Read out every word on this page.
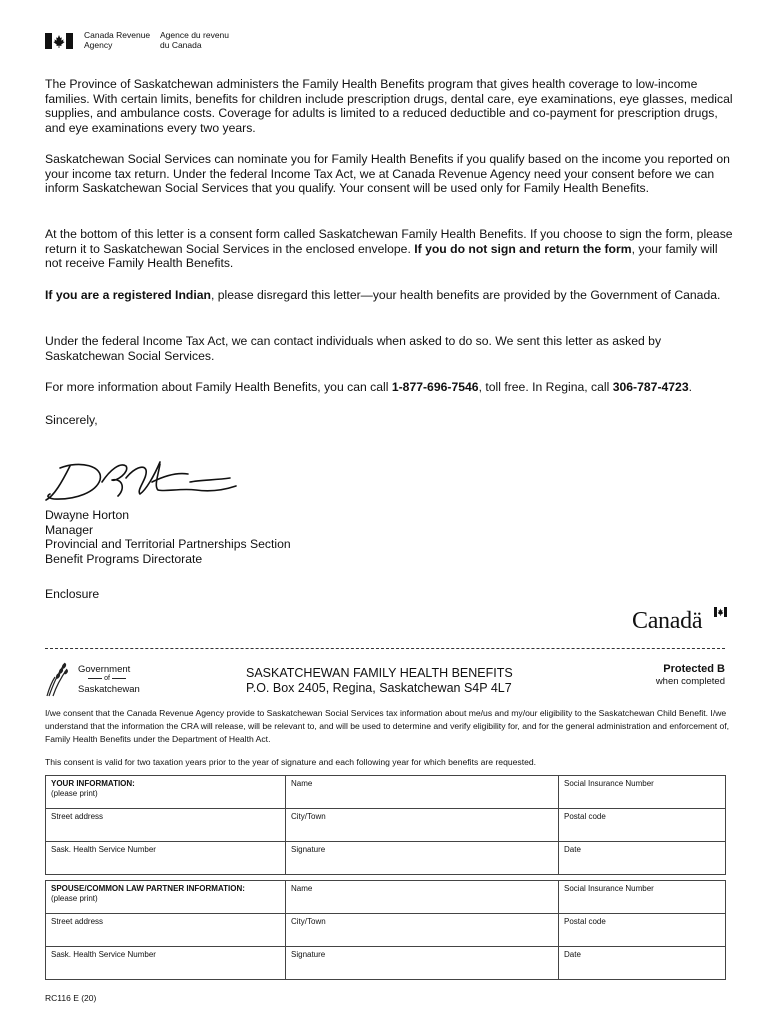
Canada Revenue
Agency
Agence du revenu
du Canada

The Province of Saskatchewan administers the Family Health Benefits program that gives health coverage to low-income families. With certain limits, benefits for children include prescription drugs, dental care, eye examinations, eye glasses, medical supplies, and ambulance costs. Coverage for adults is limited to a reduced deductible and co-payment for prescription drugs, and eye examinations every two years.

Saskatchewan Social Services can nominate you for Family Health Benefits if you qualify based on the income you reported on your income tax return. Under the federal Income Tax Act, we at Canada Revenue Agency need your consent before we can inform Saskatchewan Social Services that you qualify. Your consent will be used only for Family Health Benefits.

At the bottom of this letter is a consent form called Saskatchewan Family Health Benefits. If you choose to sign the form, please return it to Saskatchewan Social Services in the enclosed envelope. If you do not sign and return the form, your family will not receive Family Health Benefits.

If you are a registered Indian, please disregard this letter—your health benefits are provided by the Government of Canada.

Under the federal Income Tax Act, we can contact individuals when asked to do so. We sent this letter as asked by Saskatchewan Social Services.

For more information about Family Health Benefits, you can call 1-877-696-7546, toll free. In Regina, call 306-787-4723.

Sincerely,

Dwayne Horton
Manager
Provincial and Territorial Partnerships Section
Benefit Programs Directorate
Enclosure
Canadä
Government
of
Saskatchewan
SASKATCHEWAN FAMILY HEALTH BENEFITS
P.O. Box 2405, Regina, Saskatchewan S4P 4L7
Protected B
when completed
I/we consent that the Canada Revenue Agency provide to Saskatchewan Social Services tax information about me/us and my/our eligibility to the Saskatchewan Child Benefit. I/we understand that the information the CRA will release, will be relevant to, and will be used to determine and verify eligibility for, and for the general administration and enforcement of, Family Health Benefits under the Department of Health Act.
This consent is valid for two taxation years prior to the year of signature and each following year for which benefits are requested.
YOUR INFORMATION:
(please print)	Name	Social Insurance Number
Street address	City/Town	Postal code
Sask. Health Service Number	Signature	Date
SPOUSE/COMMON LAW PARTNER INFORMATION:
(please print)	Name	Social Insurance Number
Street address	City/Town	Postal code
Sask. Health Service Number	Signature	Date
RC116 E (20)
